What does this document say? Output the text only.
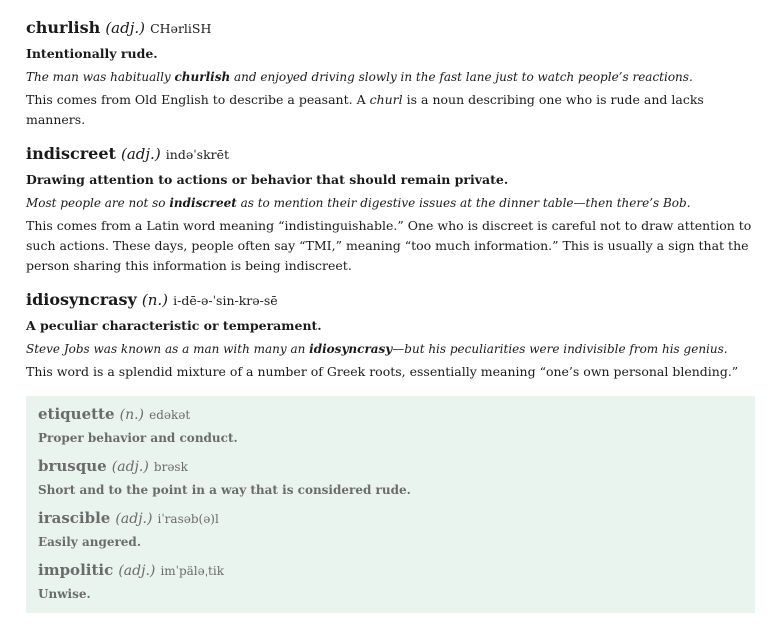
churlish (adj.) CHərliSH
Intentionally rude.
The man was habitually churlish and enjoyed driving slowly in the fast lane just to watch people’s reactions.
This comes from Old English to describe a peasant. A churl is a noun describing one who is rude and lacks manners.
indiscreet (adj.) indəˈskrēt
Drawing attention to actions or behavior that should remain private.
Most people are not so indiscreet as to mention their digestive issues at the dinner table—then there’s Bob.
This comes from a Latin word meaning “indistinguishable.” One who is discreet is careful not to draw attention to such actions. These days, people often say “TMI,” meaning “too much information.” This is usually a sign that the person sharing this information is being indiscreet.
idiosyncrasy (n.) i-dē-ə-ˈsin-krə-sē
A peculiar characteristic or temperament.
Steve Jobs was known as a man with many an idiosyncrasy—but his peculiarities were indivisible from his genius.
This word is a splendid mixture of a number of Greek roots, essentially meaning “one’s own personal blending.”
etiquette (n.) edəkət
Proper behavior and conduct.
brusque (adj.) brəsk
Short and to the point in a way that is considered rude.
irascible (adj.) iˈrasəb(ə)l
Easily angered.
impolitic (adj.) imˈpäləˌtik
Unwise.
